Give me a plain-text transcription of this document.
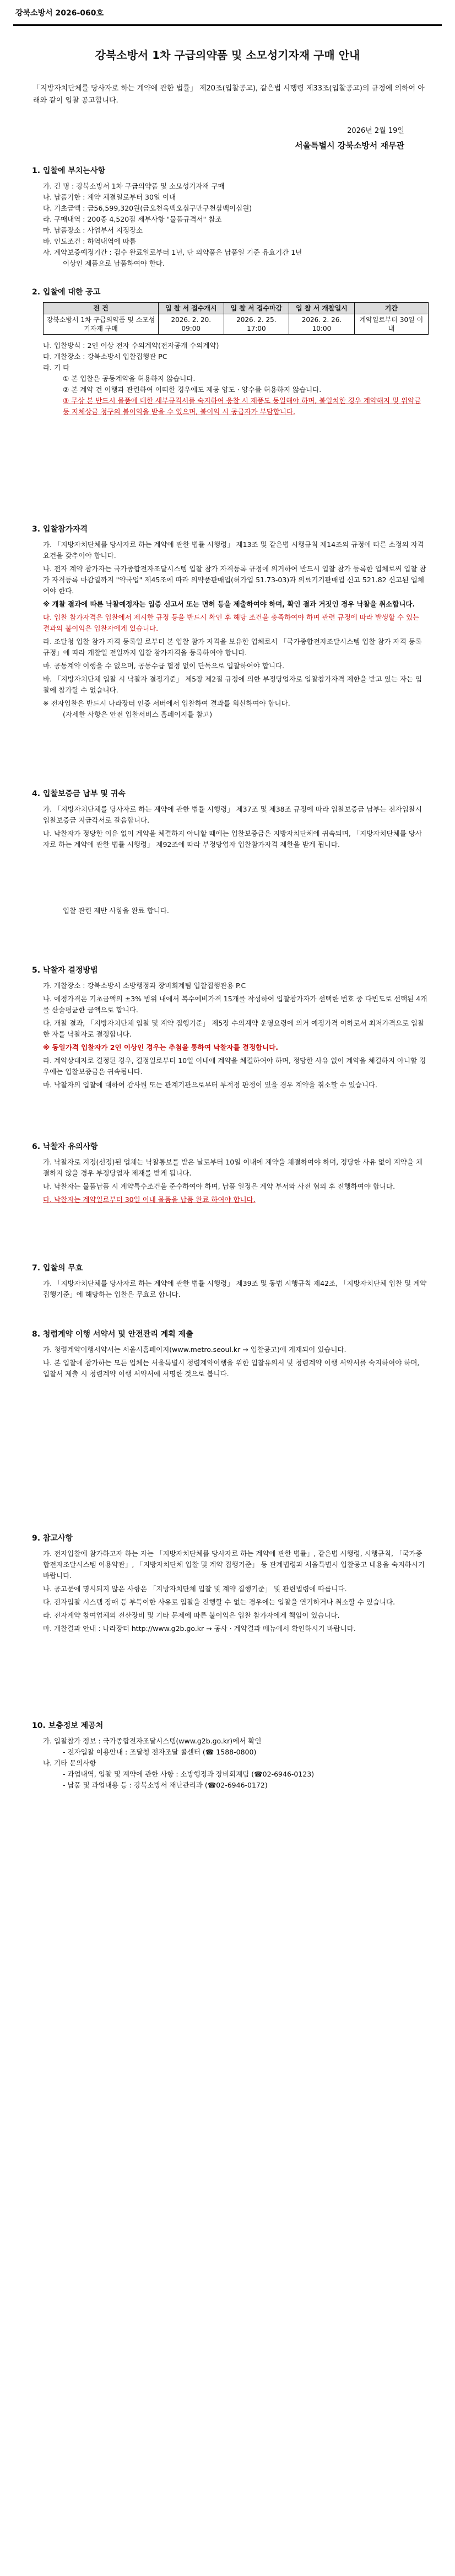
강북소방서 2026-060호
강북소방서 1차 구급의약품 및 소모성기자재 구매 안내
「지방자치단체를 당사자로 하는 계약에 관한 법률」 제20조(입찰공고), 같은법 시행령 제33조(입찰공고)의 규정에 의하여 아래와 같이 입찰 공고합니다.
2026년 2월 19일
서울특별시 강북소방서 재무관
1. 입찰에 부치는사항
가. 건 명 : 강북소방서 1차 구급의약품 및 소모성기자재 구매
나. 납품기한 : 계약 체결일로부터 30일 이내
다. 기초금액 : 금56,599,320원(금오천육백오십구만구천삼백이십원)
라. 구매내역 : 200종 4,520점 세부사항 "물품규격서" 참조
마. 납품장소 : 사업부서 지정장소
바. 인도조건 : 하역내역에 따름
사. 계약보증예정기간 : 검수 완료일로부터 1년, 단 의약품은 납품일 기준 유효기간 1년
이상인 제품으로 납품하여야 한다.
2. 입찰에 대한 공고
전 건	입 찰 서 접수개시	입 찰 서 접수마감	입 찰 서 개찰일시	기간
강북소방서 1차 구급의약품 및 소모성기자재 구매	2026. 2. 20. 09:00	2026. 2. 25. 17:00	2026. 2. 26. 10:00	계약일로부터 30일 이내
나. 입찰방식 : 2인 이상 전자 수의계약(전자공개 수의계약)
다. 개찰장소 : 강북소방서 입찰집행관 PC
라. 기 타
① 본 입찰은 공동계약을 허용하지 않습니다.
② 본 계약 건 이행과 관련하여 어떠한 경우에도 제공 양도 · 양수를 허용하지 않습니다.
③ 무상 본 반드시 물품에 대한 세부규격서를 숙지하여 응찰 시 재품도 동일해야 하며, 불일치한 경우 계약해지 및 위약금 등 지체상금 청구의 불이익을 받을 수 있으며, 불이익 시 공급자가 부담합니다.
3. 입찰참가자격
가. 「지방자치단체를 당사자로 하는 계약에 관한 법률 시행령」 제13조 및 같은법 시행규칙 제14조의 규정에 따른 소정의 자격요건을 갖추어야 합니다.
나. 전자 계약 참가자는 국가종합전자조달시스템 입찰 참가 자격등록 규정에 의거하여 반드시 입찰 참가 등록한 업체로써 입찰 참가 자격등록 마감일까지 "약국업" 제45조에 따라 의약품판매업(허가업 51.73-03)과 의료기기판매업 신고 521.82 신고된 업체여야 한다.
※ 개찰 결과에 따른 낙찰예정자는 입증 신고서 또는 면허 등을 제출하여야 하며, 확인 결과 거짓인 경우 낙찰을 취소합니다.
다. 입찰 참가자격은 입찰에서 제시한 규정 등을 반드시 확인 후 해당 조건을 충족하여야 하며 관련 규정에 따라 발생할 수 있는 결과의 불이익은 입찰자에게 있습니다.
라. 조달청 입찰 참가 자격 등록일 로부터 본 입찰 참가 자격을 보유한 업체로서 「국가종합전자조달시스템 입찰 참가 자격 등록 규정」에 따라 개찰일 전일까지 입찰 참가자격을 등록하여야 합니다.
마. 공동계약 이행을 수 없으며, 공동수급 협정 없이 단독으로 입찰하여야 합니다.
바. 「지방자치단체 입찰 시 낙찰자 결정기준」 제5장 제2절 규정에 의한 부정당업자로 입찰참가자격 제한을 받고 있는 자는 입찰에 참가할 수 없습니다.
※ 전자입찰은 반드시 나라장터 인증 서버에서 입찰하여 결과를 회신하여야 합니다.
(자세한 사항은 안전 입찰서비스 홈페이지를 참고)
4. 입찰보증금 납부 및 귀속
가. 「지방자치단체를 당사자로 하는 계약에 관한 법률 시행령」 제37조 및 제38조 규정에 따라 입찰보증금 납부는 전자입찰시 입찰보증금 지급각서로 갈음합니다.
나. 낙찰자가 정당한 이유 없이 계약을 체결하지 아니할 때에는 입찰보증금은 지방자치단체에 귀속되며, 「지방자치단체를 당사자로 하는 계약에 관한 법률 시행령」 제92조에 따라 부정당업자 입찰참가자격 제한을 받게 됩니다.
입찰 관련 제반 사항을 완료 합니다.
5. 낙찰자 결정방법
가. 개찰장소 : 강북소방서 소방행정과 장비회계팀 입찰집행관용 P.C
나. 예정가격은 기초금액의 ±3% 범위 내에서 복수예비가격 15개를 작성하여 입찰참가자가 선택한 번호 중 다빈도로 선택된 4개를 산술평균한 금액으로 합니다.
다. 개찰 결과, 「지방자치단체 입찰 및 계약 집행기준」 제5장 수의계약 운영요령에 의거 예정가격 이하로서 최저가격으로 입찰한 자를 낙찰자로 결정합니다.
※ 동일가격 입찰자가 2인 이상인 경우는 추첨을 통하여 낙찰자를 결정합니다.
라. 계약상대자로 결정된 경우, 결정일로부터 10일 이내에 계약을 체결하여야 하며, 정당한 사유 없이 계약을 체결하지 아니할 경우에는 입찰보증금은 귀속됩니다.
마. 낙찰자의 입찰에 대하여 감사원 또는 관계기관으로부터 부적정 판정이 있을 경우 계약을 취소할 수 있습니다.
6. 낙찰자 유의사항
가. 낙찰자로 지정(선정)된 업체는 낙찰통보를 받은 날로부터 10일 이내에 계약을 체결하여야 하며, 정당한 사유 없이 계약을 체결하지 않을 경우 부정당업자 제재를 받게 됩니다.
나. 낙찰자는 물품납품 시 계약특수조건을 준수하여야 하며, 납품 일정은 계약 부서와 사전 협의 후 진행하여야 합니다.
다. 낙찰자는 계약일로부터 30일 이내 물품을 납품 완료 하여야 합니다.
7. 입찰의 무효
가. 「지방자치단체를 당사자로 하는 계약에 관한 법률 시행령」 제39조 및 동법 시행규칙 제42조, 「지방자치단체 입찰 및 계약 집행기준」에 해당하는 입찰은 무효로 합니다.
8. 청렴계약 이행 서약서 및 안전관리 계획 제출
가. 청렴계약이행서약서는 서울시홈페이지(www.metro.seoul.kr → 입찰공고)에 게재되어 있습니다.
나. 본 입찰에 참가하는 모든 업체는 서울특별시 청렴계약이행을 위한 입찰유의서 및 청렴계약 이행 서약서를 숙지하여야 하며, 입찰서 제출 시 청렴계약 이행 서약서에 서명한 것으로 봅니다.
9. 참고사항
가. 전자입찰에 참가하고자 하는 자는 「지방자치단체를 당사자로 하는 계약에 관한 법률」, 같은법 시행령, 시행규칙, 「국가종합전자조달시스템 이용약관」, 「지방자치단체 입찰 및 계약 집행기준」 등 관계법령과 서울특별시 입찰공고 내용을 숙지하시기 바랍니다.
나. 공고문에 명시되지 않은 사항은 「지방자치단체 입찰 및 계약 집행기준」 및 관련법령에 따릅니다.
다. 전자입찰 시스템 장애 등 부득이한 사유로 입찰을 진행할 수 없는 경우에는 입찰을 연기하거나 취소할 수 있습니다.
라. 전자계약 참여업체의 전산장비 및 기타 문제에 따른 불이익은 입찰 참가자에게 책임이 있습니다.
마. 개찰결과 안내 : 나라장터 http://www.g2b.go.kr → 공사 · 계약결과 메뉴에서 확인하시기 바랍니다.
10. 보충정보 제공처
가. 입찰참가 정보 : 국가종합전자조달시스템(www.g2b.go.kr)에서 확인
- 전자입찰 이용안내 : 조달청 전자조달 콜센터 (☎ 1588-0800)
나. 기타 문의사항
- 과업내역, 입찰 및 계약에 관한 사항 : 소방행정과 장비회계팀 (☎02-6946-0123)
- 납품 및 과업내용 등 : 강북소방서 재난관리과 (☎02-6946-0172)
